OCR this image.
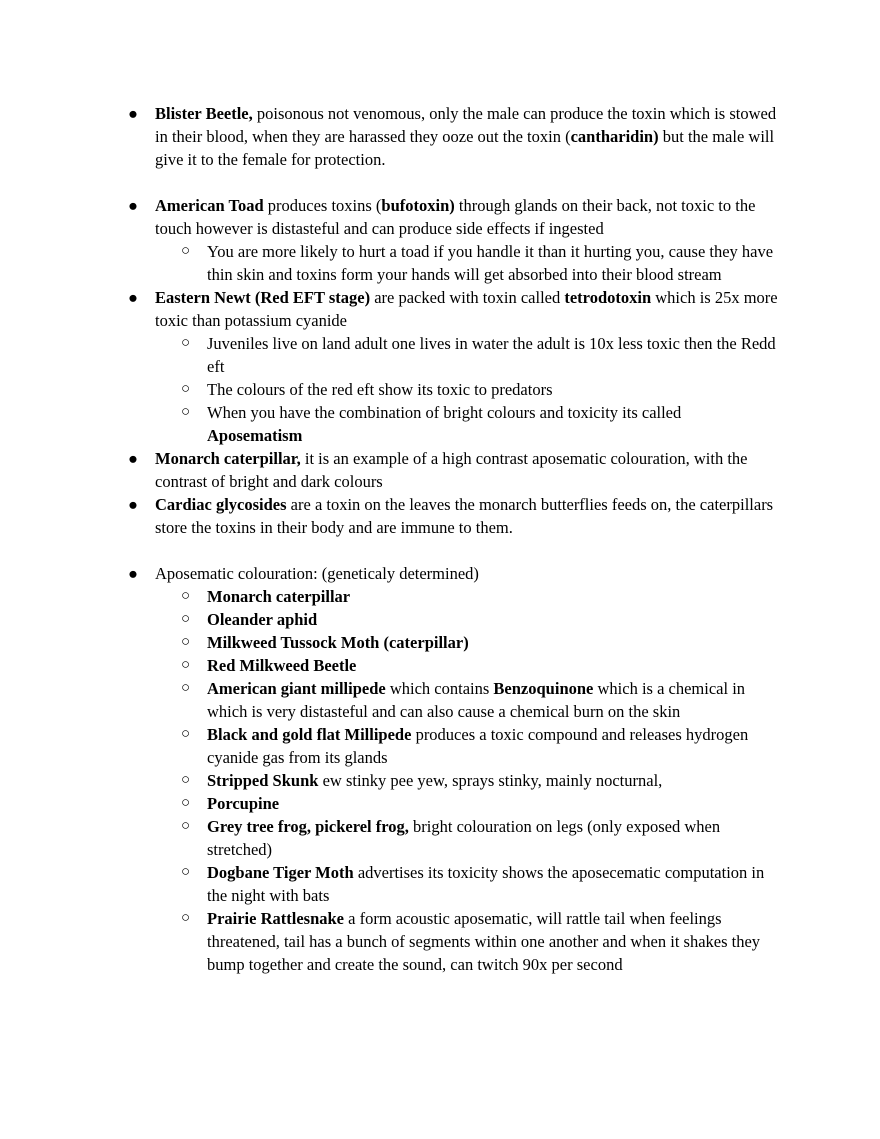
●	Blister Beetle, poisonous not venomous, only the male can produce the toxin which is stowed in their blood, when they are harassed they ooze out the toxin (cantharidin) but the male will give it to the female for protection.
●	American Toad produces toxins (bufotoxin) through glands on their back, not toxic to the touch however is distasteful and can produce side effects if ingested
○	You are more likely to hurt a toad if you handle it than it hurting you, cause they have thin skin and toxins form your hands will get absorbed into their blood stream
●	Eastern Newt (Red EFT stage) are packed with toxin called tetrodotoxin which is 25x more toxic than potassium cyanide
○	Juveniles live on land adult one lives in water the adult is 10x less toxic then the Redd eft
○	The colours of the red eft show its toxic to predators
○	When you have the combination of bright colours and toxicity its called
Aposematism
●	Monarch caterpillar, it is an example of a high contrast aposematic colouration, with the contrast of bright and dark colours
●	Cardiac glycosides are a toxin on the leaves the monarch butterflies feeds on, the caterpillars store the toxins in their body and are immune to them.
●	Aposematic colouration: (geneticaly determined)
○	Monarch caterpillar
○	Oleander aphid
○	Milkweed Tussock Moth (caterpillar)
○	Red Milkweed Beetle
○	American giant millipede which contains Benzoquinone which is a chemical in which is very distasteful and can also cause a chemical burn on the skin
○	Black and gold flat Millipede produces a toxic compound and releases hydrogen cyanide gas from its glands
○	Stripped Skunk ew stinky pee yew, sprays stinky, mainly nocturnal,
○	Porcupine
○	Grey tree frog, pickerel frog, bright colouration on legs (only exposed when stretched)
○	Dogbane Tiger Moth advertises its toxicity shows the aposecematic computation in the night with bats
○	Prairie Rattlesnake a form acoustic aposematic, will rattle tail when feelings threatened, tail has a bunch of segments within one another and when it shakes they bump together and create the sound, can twitch 90x per second
